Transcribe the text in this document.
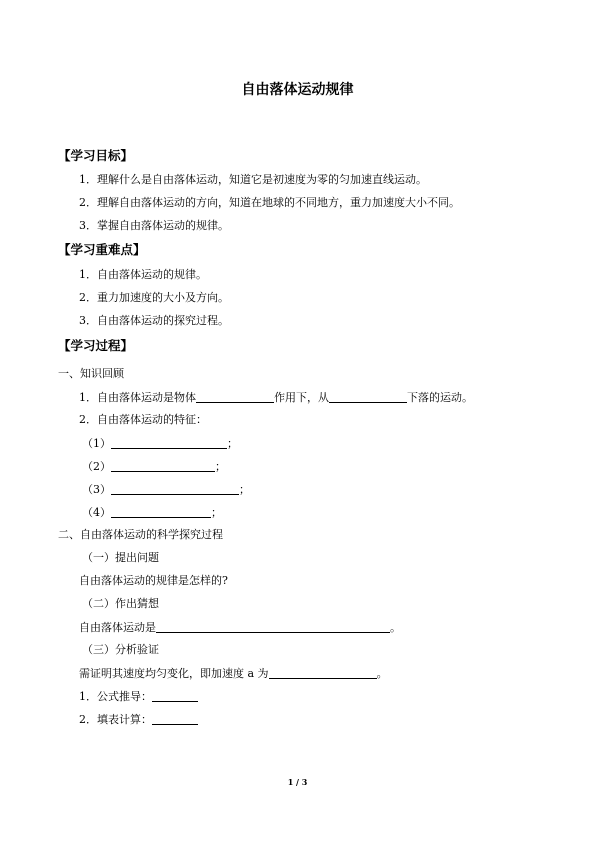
自由落体运动规律
【学习目标】
1．理解什么是自由落体运动，知道它是初速度为零的匀加速直线运动。
2．理解自由落体运动的方向，知道在地球的不同地方，重力加速度大小不同。
3．掌握自由落体运动的规律。
【学习重难点】
1．自由落体运动的规律。
2．重力加速度的大小及方向。
3．自由落体运动的探究过程。
【学习过程】
一、知识回顾
1．自由落体运动是物体	作用下，从	下落的运动。
2．自由落体运动的特征：
（1）	；
（2）	；
（3）	；
（4）	；
二、自由落体运动的科学探究过程
（一）提出问题
自由落体运动的规律是怎样的?
（二）作出猜想
自由落体运动是	。
（三）分析验证
需证明其速度均匀变化，即加速度 a 为	。
1．公式推导：
2．填表计算：
1 / 3
